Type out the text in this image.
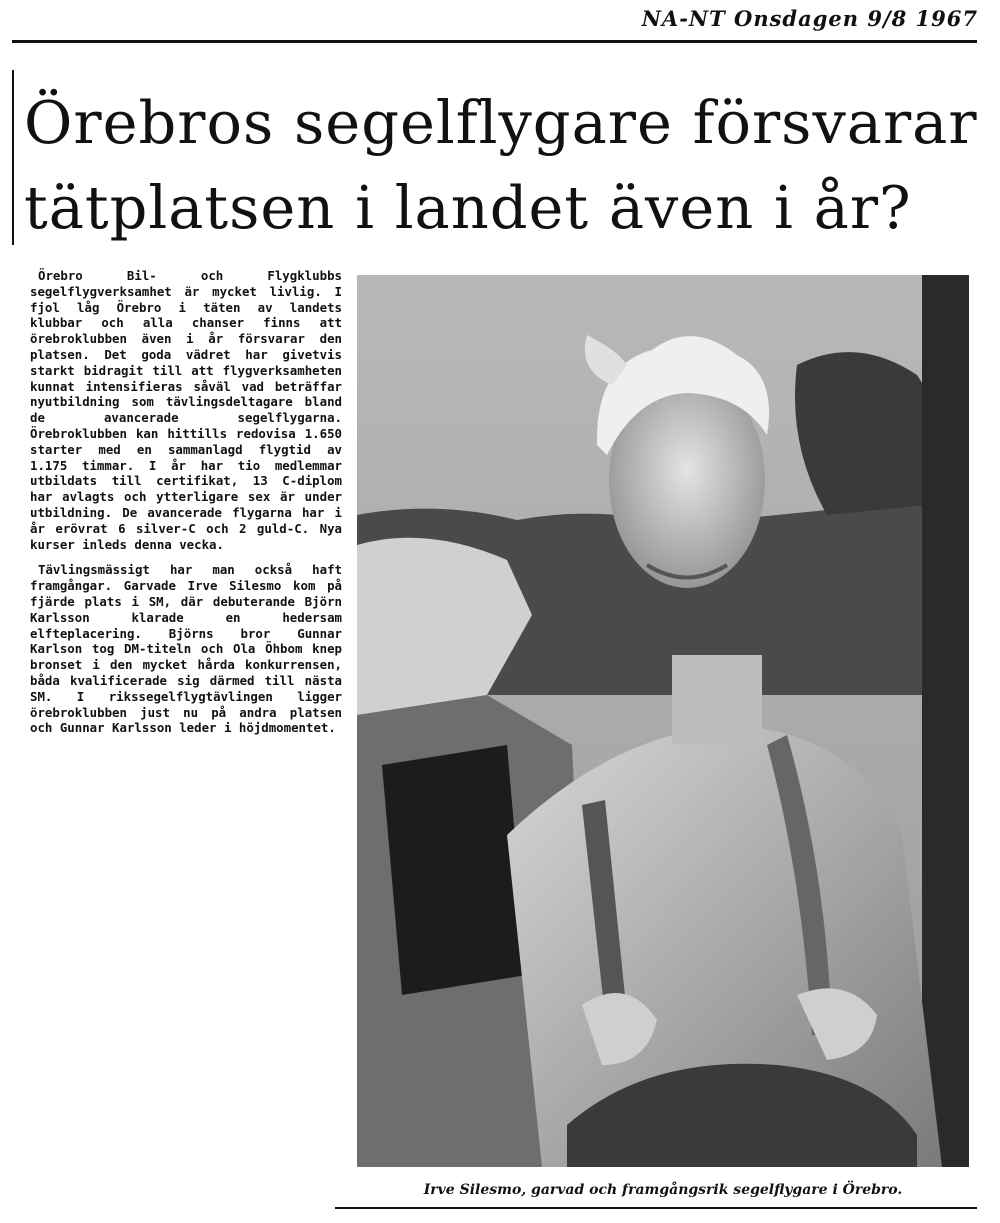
NA-NT Onsdagen 9/8 1967
Örebros segelflygare försvarar tätplatsen i landet även i år?

Örebro Bil- och Flygklubbs segelflygverksamhet är mycket livlig. I fjol låg Örebro i täten av landets klubbar och alla chanser finns att örebroklubben även i år försvarar den platsen. Det goda vädret har givetvis starkt bidragit till att flygverksamheten kunnat intensifieras såväl vad beträffar nyutbildning som tävlingsdeltagare bland de avancerade segelflygarna. Örebroklubben kan hittills redovisa 1.650 starter med en sammanlagd flygtid av 1.175 timmar. I år har tio medlemmar utbildats till certifikat, 13 C-diplom har avlagts och ytterligare sex är under utbildning. De avancerade flygarna har i år erövrat 6 silver-C och 2 guld-C. Nya kurser inleds denna vecka.

Tävlingsmässigt har man också haft framgångar. Garvade Irve Silesmo kom på fjärde plats i SM, där debuterande Björn Karlsson klarade en hedersam elfteplacering. Björns bror Gunnar Karlson tog DM-titeln och Ola Öhbom knep bronset i den mycket hårda konkurrensen, båda kvalificerade sig därmed till nästa SM. I rikssegelflygtävlingen ligger örebroklubben just nu på andra platsen och Gunnar Karlsson leder i höjdmomentet.

Irve Silesmo, garvad och framgångsrik segelflygare i Örebro.
